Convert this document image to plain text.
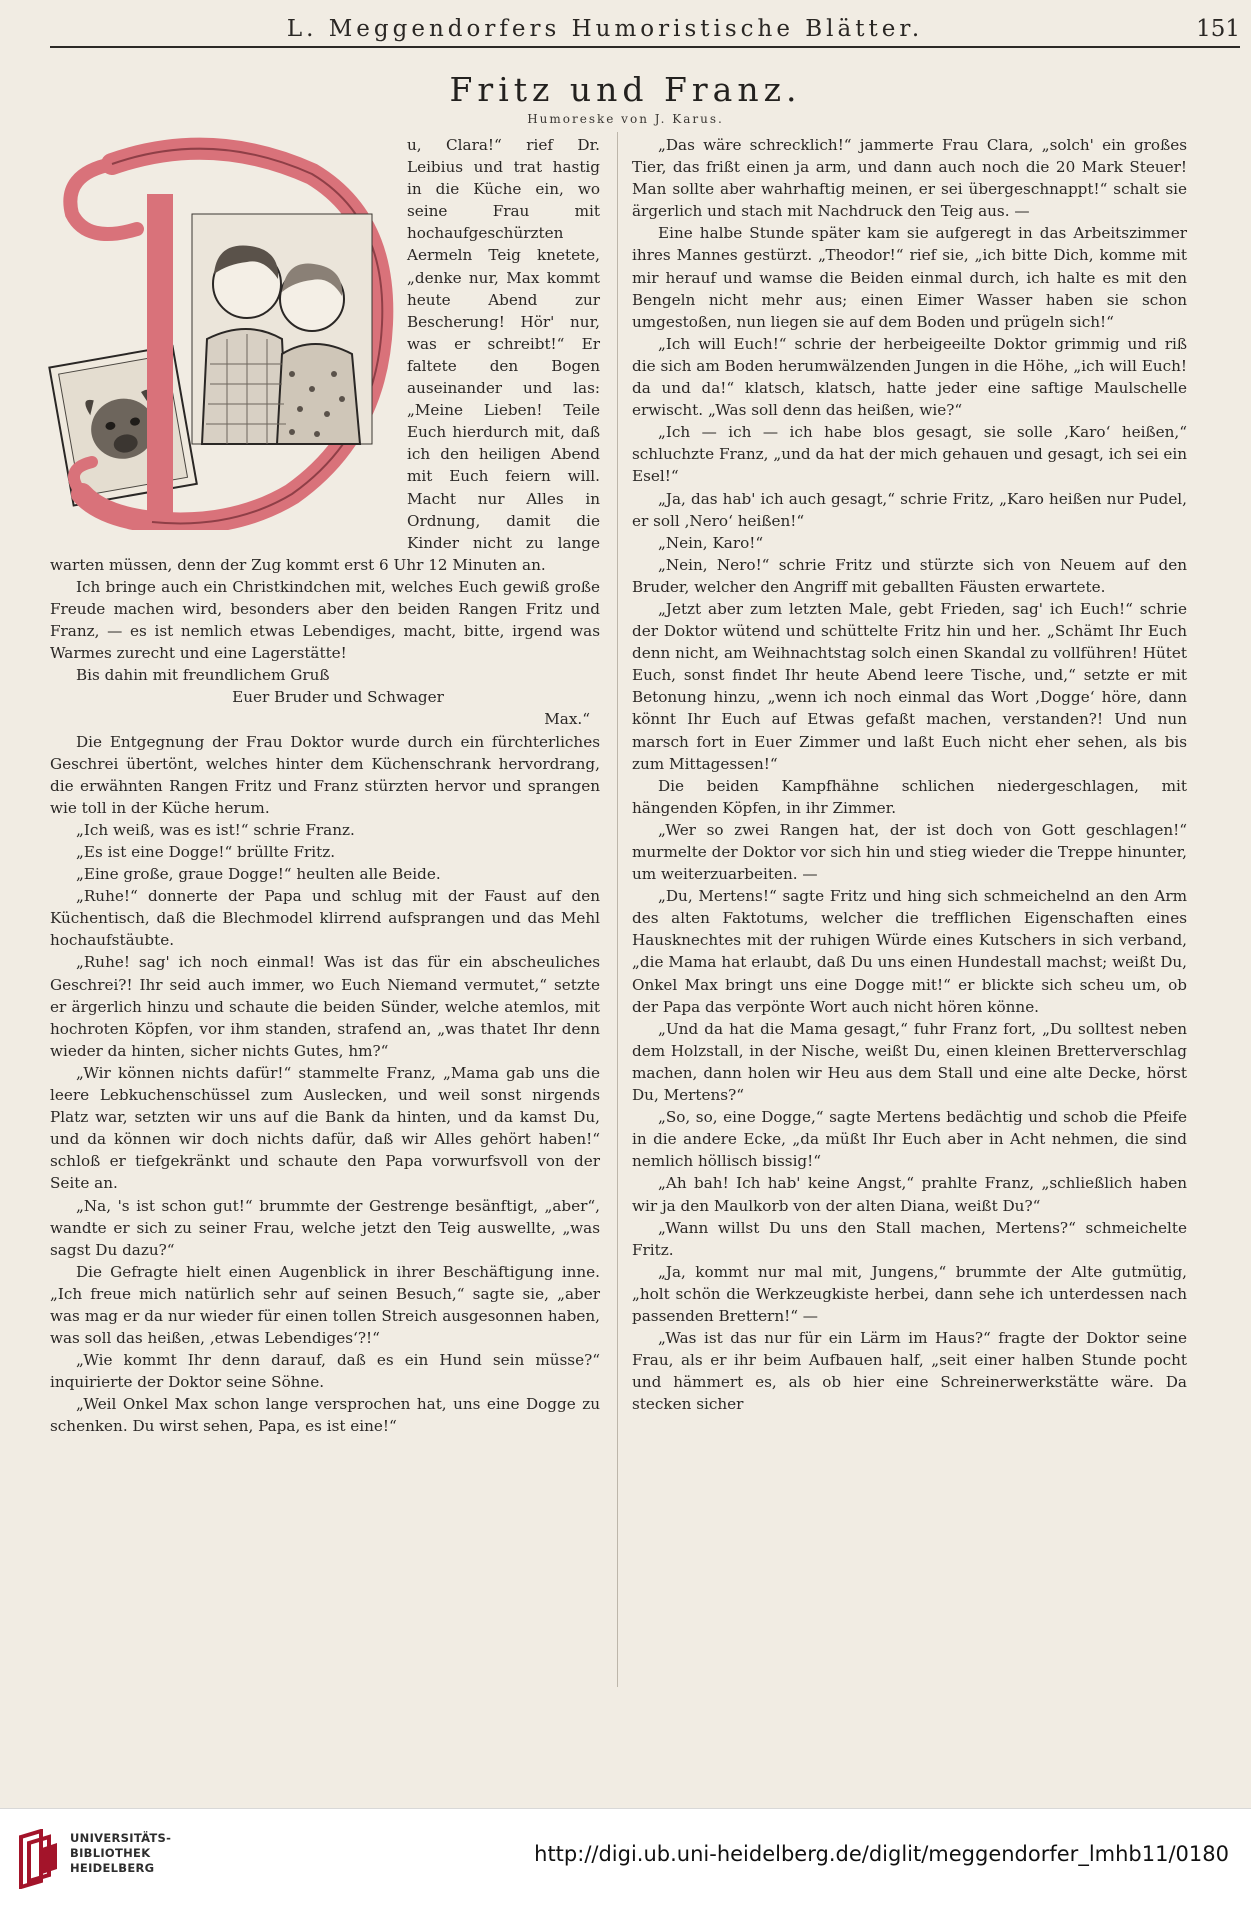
L. Meggendorfers Humoristische Blätter.	151
Fritz und Franz.
Humoreske von J. Karus.

u, Clara!“ rief Dr. Leibius und trat hastig in die Küche ein, wo seine Frau mit hochaufgeschürzten Aermeln Teig knetete, „denke nur, Max kommt heute Abend zur Bescherung! Hör' nur, was er schreibt!“ Er faltete den Bogen auseinander und las: „Meine Lieben! Teile Euch hierdurch mit, daß ich den heiligen Abend mit Euch feiern will. Macht nur Alles in Ordnung, damit die Kinder nicht zu lange warten müssen, denn der Zug kommt erst 6 Uhr 12 Minuten an.

Ich bringe auch ein Christkindchen mit, welches Euch gewiß große Freude machen wird, besonders aber den beiden Rangen Fritz und Franz, — es ist nemlich etwas Lebendiges, macht, bitte, irgend was Warmes zurecht und eine Lagerstätte!

Bis dahin mit freundlichem Gruß

Euer Bruder und Schwager

Max.“

Die Entgegnung der Frau Doktor wurde durch ein fürchterliches Geschrei übertönt, welches hinter dem Küchenschrank hervordrang, die erwähnten Rangen Fritz und Franz stürzten hervor und sprangen wie toll in der Küche herum.

„Ich weiß, was es ist!“ schrie Franz.

„Es ist eine Dogge!“ brüllte Fritz.

„Eine große, graue Dogge!“ heulten alle Beide.

„Ruhe!“ donnerte der Papa und schlug mit der Faust auf den Küchentisch, daß die Blechmodel klirrend aufsprangen und das Mehl hochaufstäubte.

„Ruhe! sag' ich noch einmal! Was ist das für ein abscheuliches Geschrei?! Ihr seid auch immer, wo Euch Niemand vermutet,“ setzte er ärgerlich hinzu und schaute die beiden Sünder, welche atemlos, mit hochroten Köpfen, vor ihm standen, strafend an, „was thatet Ihr denn wieder da hinten, sicher nichts Gutes, hm?“

„Wir können nichts dafür!“ stammelte Franz, „Mama gab uns die leere Lebkuchenschüssel zum Auslecken, und weil sonst nirgends Platz war, setzten wir uns auf die Bank da hinten, und da kamst Du, und da können wir doch nichts dafür, daß wir Alles gehört haben!“ schloß er tiefgekränkt und schaute den Papa vorwurfsvoll von der Seite an.

„Na, 's ist schon gut!“ brummte der Gestrenge besänftigt, „aber“, wandte er sich zu seiner Frau, welche jetzt den Teig auswellte, „was sagst Du dazu?“

Die Gefragte hielt einen Augenblick in ihrer Beschäftigung inne. „Ich freue mich natürlich sehr auf seinen Besuch,“ sagte sie, „aber was mag er da nur wieder für einen tollen Streich ausgesonnen haben, was soll das heißen, ‚etwas Lebendiges‘?!“

„Wie kommt Ihr denn darauf, daß es ein Hund sein müsse?“ inquirierte der Doktor seine Söhne.

„Weil Onkel Max schon lange versprochen hat, uns eine Dogge zu schenken. Du wirst sehen, Papa, es ist eine!“

„Das wäre schrecklich!“ jammerte Frau Clara, „solch' ein großes Tier, das frißt einen ja arm, und dann auch noch die 20 Mark Steuer! Man sollte aber wahrhaftig meinen, er sei übergeschnappt!“ schalt sie ärgerlich und stach mit Nachdruck den Teig aus. —

Eine halbe Stunde später kam sie aufgeregt in das Arbeitszimmer ihres Mannes gestürzt. „Theodor!“ rief sie, „ich bitte Dich, komme mit mir herauf und wamse die Beiden einmal durch, ich halte es mit den Bengeln nicht mehr aus; einen Eimer Wasser haben sie schon umgestoßen, nun liegen sie auf dem Boden und prügeln sich!“

„Ich will Euch!“ schrie der herbeigeeilte Doktor grimmig und riß die sich am Boden herumwälzenden Jungen in die Höhe, „ich will Euch! da und da!“ klatsch, klatsch, hatte jeder eine saftige Maulschelle erwischt. „Was soll denn das heißen, wie?“

„Ich — ich — ich habe blos gesagt, sie solle ‚Karo‘ heißen,“ schluchzte Franz, „und da hat der mich gehauen und gesagt, ich sei ein Esel!“

„Ja, das hab' ich auch gesagt,“ schrie Fritz, „Karo heißen nur Pudel, er soll ‚Nero‘ heißen!“

„Nein, Karo!“

„Nein, Nero!“ schrie Fritz und stürzte sich von Neuem auf den Bruder, welcher den Angriff mit geballten Fäusten erwartete.

„Jetzt aber zum letzten Male, gebt Frieden, sag' ich Euch!“ schrie der Doktor wütend und schüttelte Fritz hin und her. „Schämt Ihr Euch denn nicht, am Weihnachtstag solch einen Skandal zu vollführen! Hütet Euch, sonst findet Ihr heute Abend leere Tische, und,“ setzte er mit Betonung hinzu, „wenn ich noch einmal das Wort ‚Dogge‘ höre, dann könnt Ihr Euch auf Etwas gefaßt machen, verstanden?! Und nun marsch fort in Euer Zimmer und laßt Euch nicht eher sehen, als bis zum Mittagessen!“

Die beiden Kampfhähne schlichen niedergeschlagen, mit hängenden Köpfen, in ihr Zimmer.

„Wer so zwei Rangen hat, der ist doch von Gott geschlagen!“ murmelte der Doktor vor sich hin und stieg wieder die Treppe hinunter, um weiterzuarbeiten. —

„Du, Mertens!“ sagte Fritz und hing sich schmeichelnd an den Arm des alten Faktotums, welcher die trefflichen Eigenschaften eines Hausknechtes mit der ruhigen Würde eines Kutschers in sich verband, „die Mama hat erlaubt, daß Du uns einen Hundestall machst; weißt Du, Onkel Max bringt uns eine Dogge mit!“ er blickte sich scheu um, ob der Papa das verpönte Wort auch nicht hören könne.

„Und da hat die Mama gesagt,“ fuhr Franz fort, „Du solltest neben dem Holzstall, in der Nische, weißt Du, einen kleinen Bretterverschlag machen, dann holen wir Heu aus dem Stall und eine alte Decke, hörst Du, Mertens?“

„So, so, eine Dogge,“ sagte Mertens bedächtig und schob die Pfeife in die andere Ecke, „da müßt Ihr Euch aber in Acht nehmen, die sind nemlich höllisch bissig!“

„Ah bah! Ich hab' keine Angst,“ prahlte Franz, „schließlich haben wir ja den Maulkorb von der alten Diana, weißt Du?“

„Wann willst Du uns den Stall machen, Mertens?“ schmeichelte Fritz.

„Ja, kommt nur mal mit, Jungens,“ brummte der Alte gutmütig, „holt schön die Werkzeugkiste herbei, dann sehe ich unterdessen nach passenden Brettern!“ —

„Was ist das nur für ein Lärm im Haus?“ fragte der Doktor seine Frau, als er ihr beim Aufbauen half, „seit einer halben Stunde pocht und hämmert es, als ob hier eine Schreinerwerkstätte wäre. Da stecken sicher

UNIVERSITÄTS-
BIBLIOTHEK
HEIDELBERG
http://digi.ub.uni-heidelberg.de/diglit/meggendorfer_lmhb11/0180
